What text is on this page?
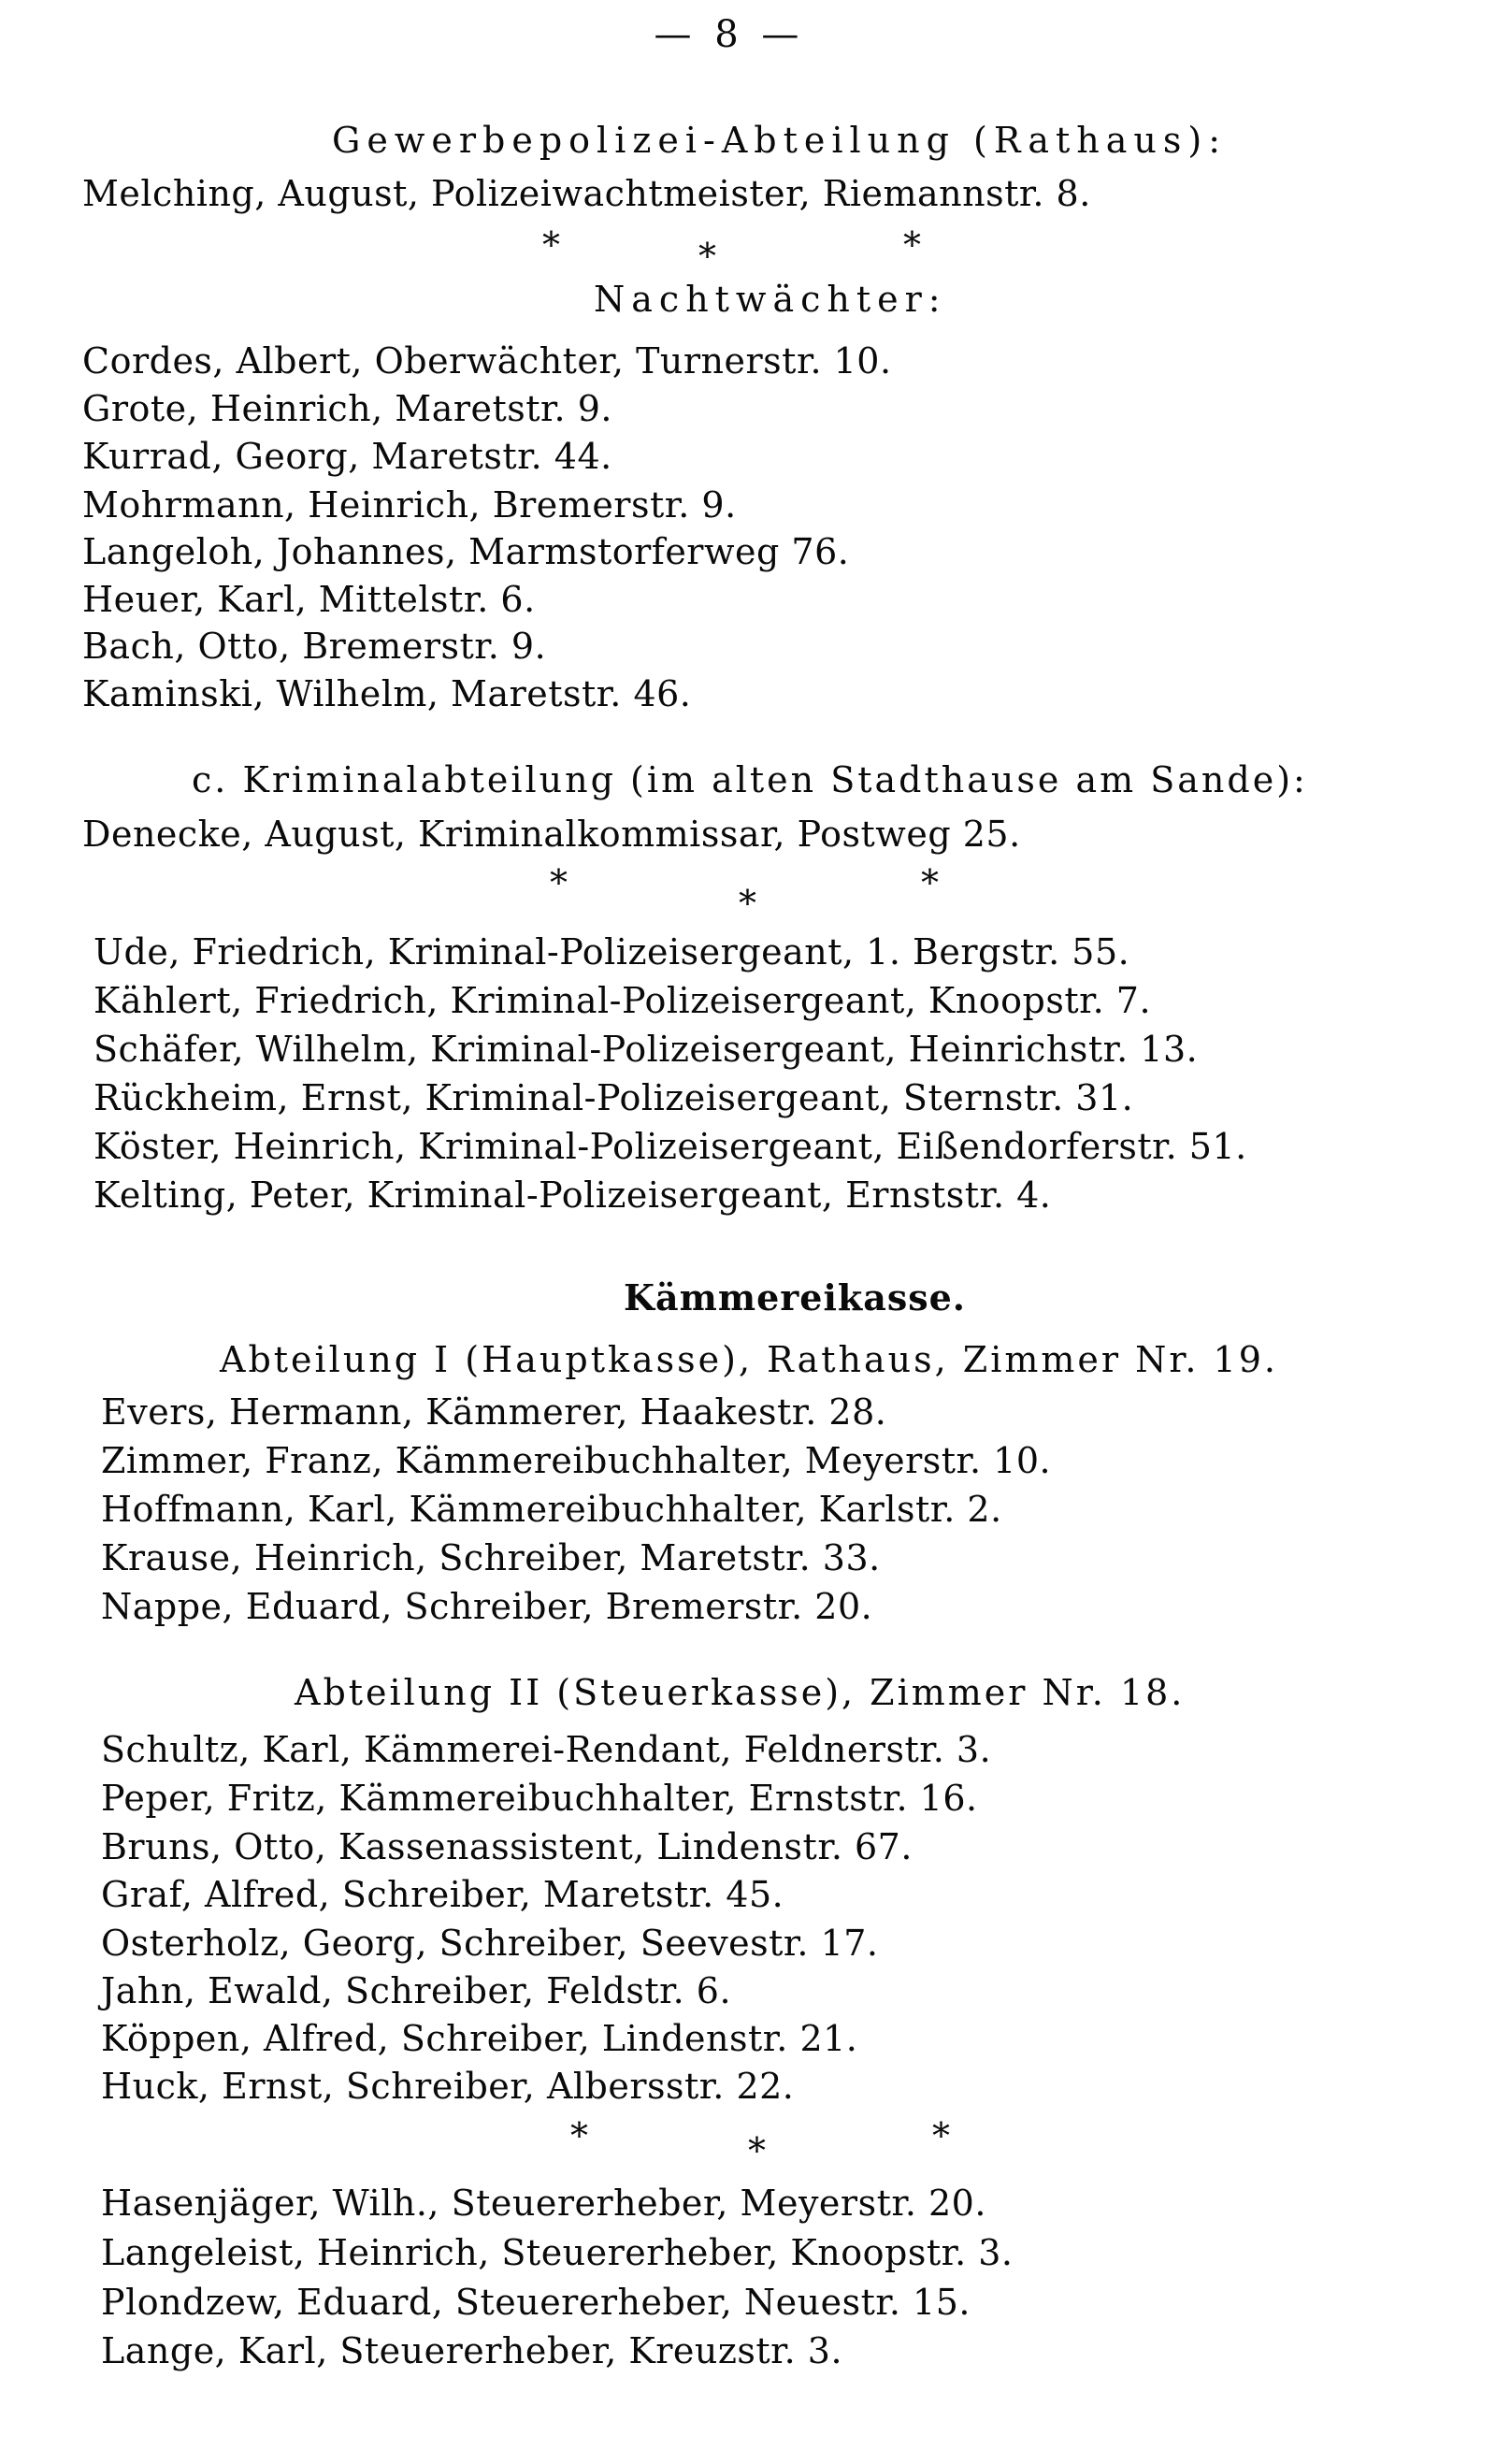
— 8 —
Gewerbepolizei-Abteilung (Rathaus):
Melching, August, Polizeiwachtmeister, Riemannstr. 8.
*	*	*
Nachtwächter:
Cordes, Albert, Oberwächter, Turnerstr. 10.
Grote, Heinrich, Maretstr. 9.
Kurrad, Georg, Maretstr. 44.
Mohrmann, Heinrich, Bremerstr. 9.
Langeloh, Johannes, Marmstorferweg 76.
Heuer, Karl, Mittelstr. 6.
Bach, Otto, Bremerstr. 9.
Kaminski, Wilhelm, Maretstr. 46.
c. Kriminalabteilung (im alten Stadthause am Sande):
Denecke, August, Kriminalkommissar, Postweg 25.
*	*	*
Ude, Friedrich, Kriminal-Polizeisergeant, 1. Bergstr. 55.
Kählert, Friedrich, Kriminal-Polizeisergeant, Knoopstr. 7.
Schäfer, Wilhelm, Kriminal-Polizeisergeant, Heinrichstr. 13.
Rückheim, Ernst, Kriminal-Polizeisergeant, Sternstr. 31.
Köster, Heinrich, Kriminal-Polizeisergeant, Eißendorferstr. 51.
Kelting, Peter, Kriminal-Polizeisergeant, Ernststr. 4.
Kämmereikasse.
Abteilung I (Hauptkasse), Rathaus, Zimmer Nr. 19.
Evers, Hermann, Kämmerer, Haakestr. 28.
Zimmer, Franz, Kämmereibuchhalter, Meyerstr. 10.
Hoffmann, Karl, Kämmereibuchhalter, Karlstr. 2.
Krause, Heinrich, Schreiber, Maretstr. 33.
Nappe, Eduard, Schreiber, Bremerstr. 20.
Abteilung II (Steuerkasse), Zimmer Nr. 18.
Schultz, Karl, Kämmerei-Rendant, Feldnerstr. 3.
Peper, Fritz, Kämmereibuchhalter, Ernststr. 16.
Bruns, Otto, Kassenassistent, Lindenstr. 67.
Graf, Alfred, Schreiber, Maretstr. 45.
Osterholz, Georg, Schreiber, Seevestr. 17.
Jahn, Ewald, Schreiber, Feldstr. 6.
Köppen, Alfred, Schreiber, Lindenstr. 21.
Huck, Ernst, Schreiber, Albersstr. 22.
*	*	*
Hasenjäger, Wilh., Steuererheber, Meyerstr. 20.
Langeleist, Heinrich, Steuererheber, Knoopstr. 3.
Plondzew, Eduard, Steuererheber, Neuestr. 15.
Lange, Karl, Steuererheber, Kreuzstr. 3.
